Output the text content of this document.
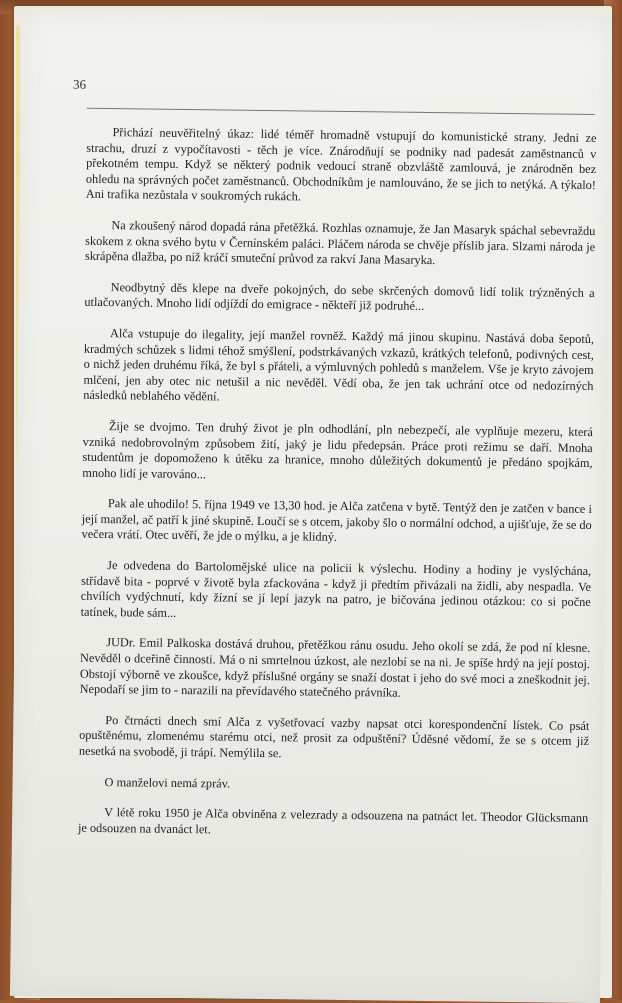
36

Přichází neuvěřitelný úkaz: lidé téměř hromadně vstupují do komunistické strany. Jedni ze strachu, druzí z vypočítavosti - těch je více. Znárodňují se podniky nad padesát zaměstnanců v překotném tempu. Když se některý podnik vedoucí straně obzvláště zamlouvá, je znárodněn bez ohledu na správných počet zaměstnanců. Obchodníkům je namlouváno, že se jich to netýká. A týkalo! Ani trafika nezůstala v soukromých rukách.

Na zkoušený národ dopadá rána přetěžká. Rozhlas oznamuje, že Jan Masaryk spáchal sebevraždu skokem z okna svého bytu v Černínském paláci. Pláčem národa se chvěje příslib jara. Slzami národa je skrápěna dlažba, po níž kráčí smuteční průvod za rakví Jana Masaryka.

Neodbytný děs klepe na dveře pokojných, do sebe skrčených domovů lidí tolik trýzněných a utlačovaných. Mnoho lidí odjíždí do emigrace - někteří již podruhé...

Alča vstupuje do ilegality, její manžel rovněž. Každý má jinou skupinu. Nastává doba šepotů, kradmých schůzek s lidmi téhož smýšlení, podstrkávaných vzkazů, krátkých telefonů, podivných cest, o nichž jeden druhému říká, že byl s přáteli, a výmluvných pohledů s manželem. Vše je kryto závojem mlčení, jen aby otec nic netušil a nic nevěděl. Vědí oba, že jen tak uchrání otce od nedozírných následků neblahého vědění.

Žije se dvojmo. Ten druhý život je pln odhodlání, pln nebezpečí, ale vyplňuje mezeru, která vzniká nedobrovolným způsobem žití, jaký je lidu předepsán. Práce proti režimu se daří. Mnoha studentům je dopomoženo k útěku za hranice, mnoho důležitých dokumentů je předáno spojkám, mnoho lidí je varováno...

Pak ale uhodilo! 5. října 1949 ve 13,30 hod. je Alča zatčena v bytě. Tentýž den je zatčen v bance i její manžel, ač patří k jiné skupině. Loučí se s otcem, jakoby šlo o normální odchod, a ujišťuje, že se do večera vrátí. Otec uvěří, že jde o mýlku, a je klidný.

Je odvedena do Bartolomějské ulice na policii k výslechu. Hodiny a hodiny je vyslýchána, střídavě bita - poprvé v životě byla zfackována - když ji předtím přivázali na židli, aby nespadla. Ve chvílích vydýchnutí, kdy žízní se jí lepí jazyk na patro, je bičována jedinou otázkou: co si počne tatínek, bude sám...

JUDr. Emil Palkoska dostává druhou, přetěžkou ránu osudu. Jeho okolí se zdá, že pod ní klesne. Nevěděl o dceřině činnosti. Má o ni smrtelnou úzkost, ale nezlobí se na ni. Je spíše hrdý na její postoj. Obstojí výborně ve zkoušce, když příslušné orgány se snaží dostat i jeho do své moci a zneškodnit jej. Nepodaří se jim to - narazili na převídavého statečného právníka.

Po čtrnácti dnech smí Alča z vyšetřovací vazby napsat otci korespondenční lístek. Co psát opuštěnému, zlomenému starému otci, než prosit za odpuštění? Úděsné vědomí, že se s otcem již nesetká na svobodě, ji trápí. Nemýlila se.

O manželovi nemá zpráv.

V létě roku 1950 je Alča obviněna z velezrady a odsouzena na patnáct let. Theodor Glücksmann je odsouzen na dvanáct let.
